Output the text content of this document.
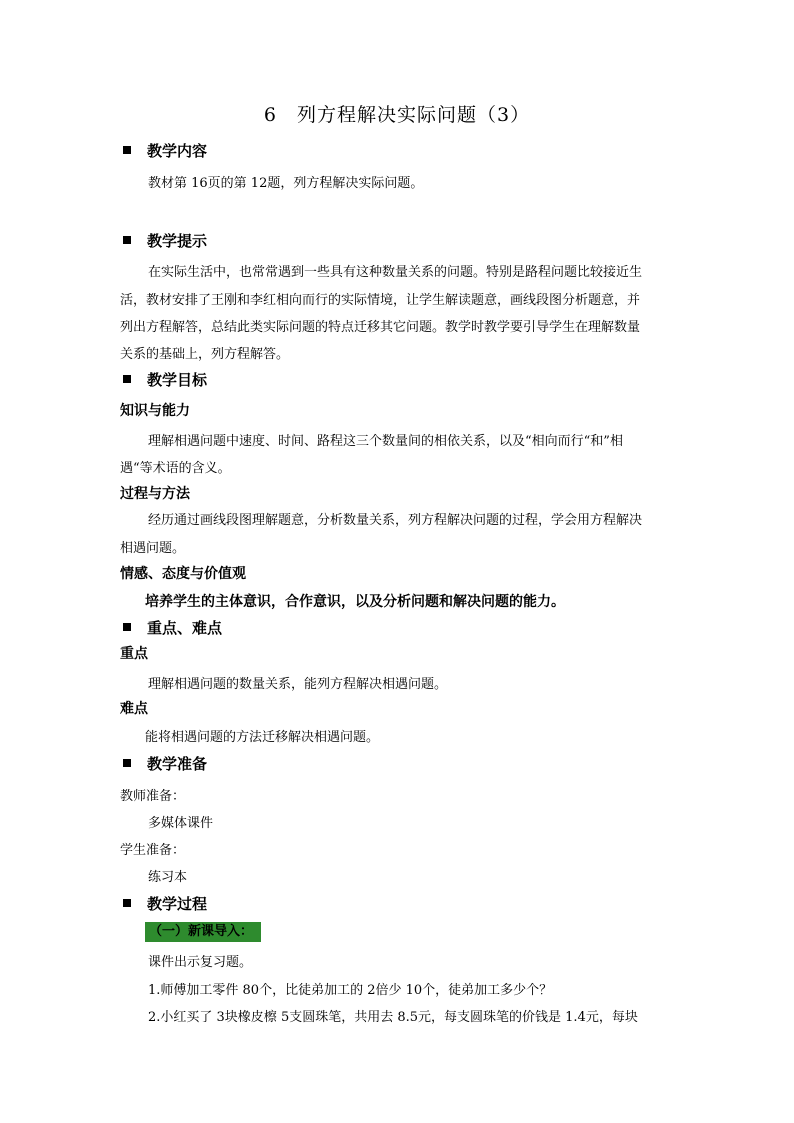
6　列方程解决实际问题（3）
教学内容
教材第 16页的第 12题，列方程解决实际问题。
教学提示
在实际生活中，也常常遇到一些具有这种数量关系的问题。特别是路程问题比较接近生
活，教材安排了王刚和李红相向而行的实际情境，让学生解读题意，画线段图分析题意，并
列出方程解答，总结此类实际问题的特点迁移其它问题。教学时教学要引导学生在理解数量
关系的基础上，列方程解答。
教学目标
知识与能力
理解相遇问题中速度、时间、路程这三个数量间的相依关系，以及“相向而行“和”相
遇“等术语的含义。
过程与方法
经历通过画线段图理解题意，分析数量关系，列方程解决问题的过程，学会用方程解决
相遇问题。
情感、态度与价值观
培养学生的主体意识，合作意识，以及分析问题和解决问题的能力。
重点、难点
重点
理解相遇问题的数量关系，能列方程解决相遇问题。
难点
能将相遇问题的方法迁移解决相遇问题。
教学准备
教师准备：
多媒体课件
学生准备：
练习本
教学过程
（一）新课导入：
课件出示复习题。
1.师傅加工零件 80个，比徒弟加工的 2倍少 10个，徒弟加工多少个？
2.小红买了 3块橡皮檫 5支圆珠笔，共用去 8.5元，每支圆珠笔的价钱是 1.4元，每块
